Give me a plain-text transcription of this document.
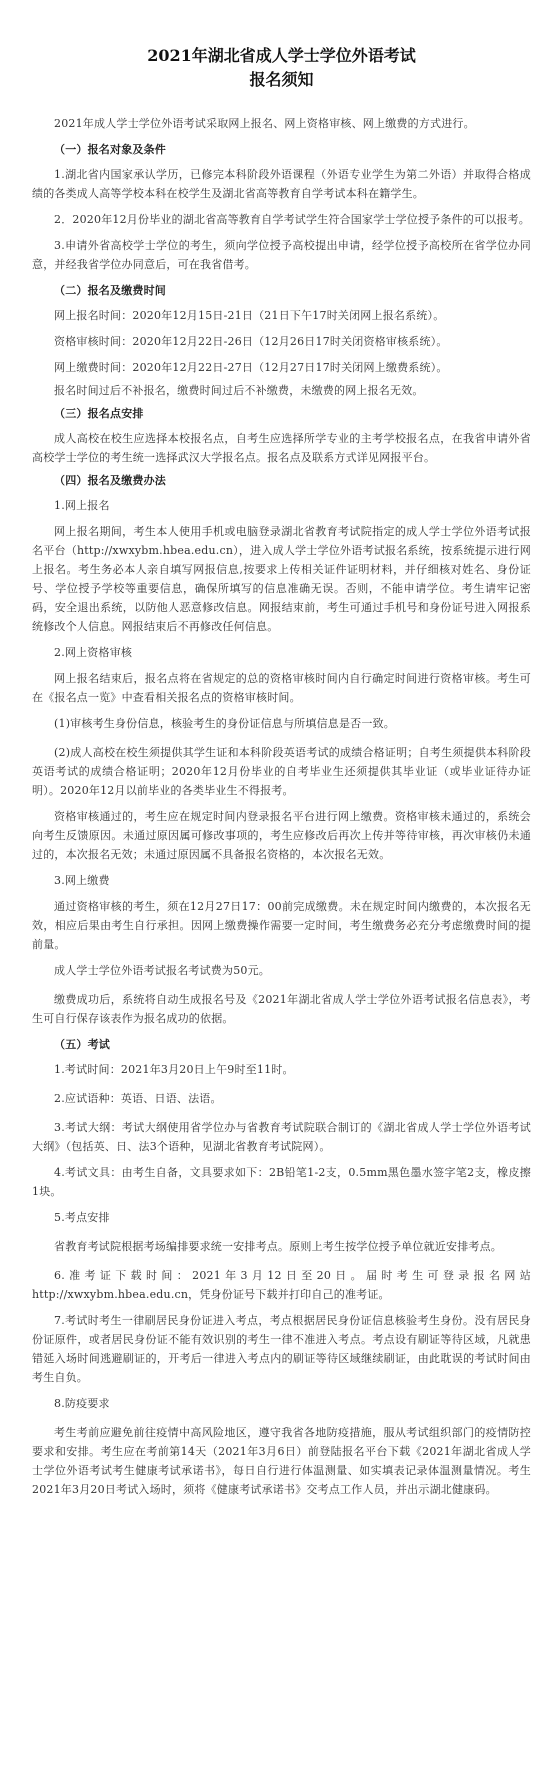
2021年湖北省成人学士学位外语考试
报名须知

2021年成人学士学位外语考试采取网上报名、网上资格审核、网上缴费的方式进行。

（一）报名对象及条件

1.湖北省内国家承认学历，已修完本科阶段外语课程（外语专业学生为第二外语）并取得合格成绩的各类成人高等学校本科在校学生及湖北省高等教育自学考试本科在籍学生。

2．2020年12月份毕业的湖北省高等教育自学考试学生符合国家学士学位授予条件的可以报考。

3.申请外省高校学士学位的考生，须向学位授予高校提出申请，经学位授予高校所在省学位办同意，并经我省学位办同意后，可在我省借考。

（二）报名及缴费时间

网上报名时间：2020年12月15日-21日（21日下午17时关闭网上报名系统）。

资格审核时间：2020年12月22日-26日（12月26日17时关闭资格审核系统）。

网上缴费时间：2020年12月22日-27日（12月27日17时关闭网上缴费系统）。

报名时间过后不补报名，缴费时间过后不补缴费，未缴费的网上报名无效。

（三）报名点安排

成人高校在校生应选择本校报名点，自考生应选择所学专业的主考学校报名点，在我省申请外省高校学士学位的考生统一选择武汉大学报名点。报名点及联系方式详见网报平台。

（四）报名及缴费办法

1.网上报名

网上报名期间，考生本人使用手机或电脑登录湖北省教育考试院指定的成人学士学位外语考试报名平台（http://xwxybm.hbea.edu.cn），进入成人学士学位外语考试报名系统，按系统提示进行网上报名。考生务必本人亲自填写网报信息,按要求上传相关证件证明材料，并仔细核对姓名、身份证号、学位授予学校等重要信息，确保所填写的信息准确无误。否则，不能申请学位。考生请牢记密码，安全退出系统，以防他人恶意修改信息。网报结束前，考生可通过手机号和身份证号进入网报系统修改个人信息。网报结束后不再修改任何信息。

2.网上资格审核

网上报名结束后，报名点将在省规定的总的资格审核时间内自行确定时间进行资格审核。考生可在《报名点一览》中查看相关报名点的资格审核时间。

(1)审核考生身份信息，核验考生的身份证信息与所填信息是否一致。

(2)成人高校在校生须提供其学生证和本科阶段英语考试的成绩合格证明；自考生须提供本科阶段英语考试的成绩合格证明；2020年12月份毕业的自考毕业生还须提供其毕业证（或毕业证待办证明）。2020年12月以前毕业的各类毕业生不得报考。

资格审核通过的，考生应在规定时间内登录报名平台进行网上缴费。资格审核未通过的，系统会向考生反馈原因。未通过原因属可修改事项的，考生应修改后再次上传并等待审核，再次审核仍未通过的，本次报名无效；未通过原因属不具备报名资格的，本次报名无效。

3.网上缴费

通过资格审核的考生，须在12月27日17：00前完成缴费。未在规定时间内缴费的，本次报名无效，相应后果由考生自行承担。因网上缴费操作需要一定时间，考生缴费务必充分考虑缴费时间的提前量。

成人学士学位外语考试报名考试费为50元。

缴费成功后，系统将自动生成报名号及《2021年湖北省成人学士学位外语考试报名信息表》，考生可自行保存该表作为报名成功的依据。

（五）考试

1.考试时间：2021年3月20日上午9时至11时。

2.应试语种：英语、日语、法语。

3.考试大纲：考试大纲使用省学位办与省教育考试院联合制订的《湖北省成人学士学位外语考试大纲》（包括英、日、法3个语种，见湖北省教育考试院网）。

4.考试文具：由考生自备，文具要求如下：2B铅笔1-2支，0.5mm黑色墨水签字笔2支，橡皮擦1块。

5.考点安排

省教育考试院根据考场编排要求统一安排考点。原则上考生按学位授予单位就近安排考点。

6.准考证下载时间：2021年3月12日至20日。届时考生可登录报名网站http://xwxybm.hbea.edu.cn，凭身份证号下载并打印自己的准考证。

7.考试时考生一律刷居民身份证进入考点，考点根据居民身份证信息核验考生身份。没有居民身份证原件，或者居民身份证不能有效识别的考生一律不准进入考点。考点设有刷证等待区域，凡就患错延入场时间逃避刷证的，开考后一律进入考点内的刷证等待区域继续刷证，由此耽误的考试时间由考生自负。

8.防疫要求

考生考前应避免前往疫情中高风险地区，遵守我省各地防疫措施，服从考试组织部门的疫情防控要求和安排。考生应在考前第14天（2021年3月6日）前登陆报名平台下载《2021年湖北省成人学士学位外语考试考生健康考试承诺书》，每日自行进行体温测量、如实填表记录体温测量情况。考生2021年3月20日考试入场时，须将《健康考试承诺书》交考点工作人员，并出示湖北健康码。
